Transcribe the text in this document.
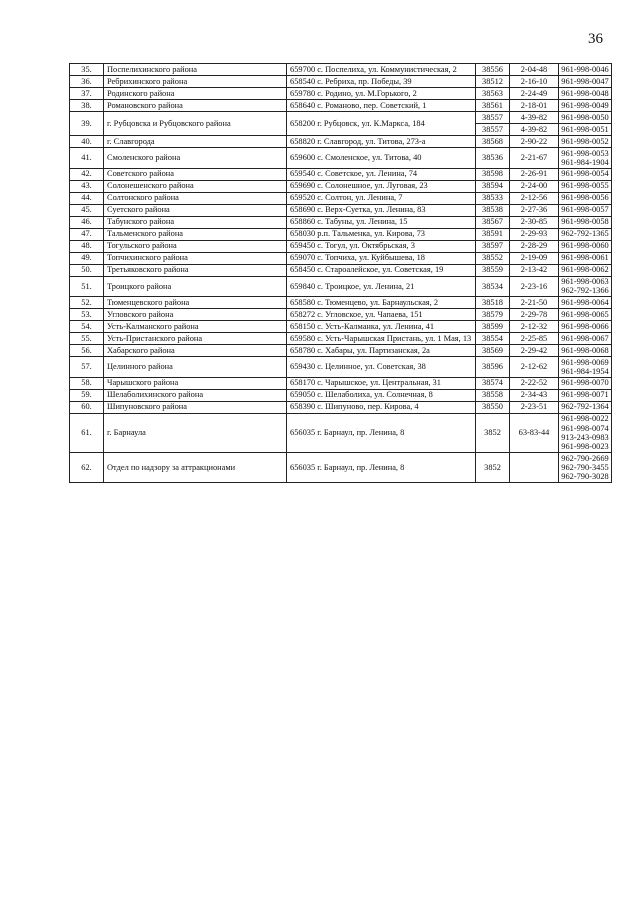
36
35.	Поспелихинского района	659700 с. Поспелиха, ул. Коммунистическая, 2	38556	2-04-48	961-998-0046

36.	Ребрихинского района	658540 с. Ребриха, пр. Победы, 39	38512	2-16-10	961-998-0047

37.	Родинского района	659780 с. Родино, ул. М.Горького, 2	38563	2-24-49	961-998-0048

38.	Романовского района	658640 с. Романово, пер. Советский, 1	38561	2-18-01	961-998-0049

39.	г. Рубцовска и Рубцовского района	658200 г. Рубцовск, ул. К.Маркса, 184	38557	4-39-82	961-998-0050

			38557	4-39-82	961-998-0051
40.	г. Славгорода	658820 г. Славгород, ул. Титова, 273-а	38568	2-90-22	961-998-0052

41.	Смоленского района	659600 с. Смоленское, ул. Титова, 40	38536	2-21-67	961-998-0053
961-984-1904

42.	Советского района	659540 с. Советское, ул. Ленина, 74	38598	2-26-91	961-998-0054

43.	Солонешенского района	659690 с. Солонешное, ул. Луговая, 23	38594	2-24-00	961-998-0055

44.	Солтонского района	659520 с. Солтон, ул. Ленина, 7	38533	2-12-56	961-998-0056

45.	Суетского района	658690 с. Верх-Суетка, ул. Ленина, 83	38538	2-27-36	961-998-0057

46.	Табунского района	658860 с. Табуны, ул. Ленина, 15	38567	2-30-85	961-998-0058

47.	Тальменского района	658030 р.п. Тальменка, ул. Кирова, 73	38591	2-29-93	962-792-1365

48.	Тогульского района	659450 с. Тогул, ул. Октябрьская, 3	38597	2-28-29	961-998-0060

49.	Топчихинского района	659070 с. Топчиха, ул. Куйбышева, 18	38552	2-19-09	961-998-0061

50.	Третьяковского района	658450 с. Староалейское, ул. Советская, 19	38559	2-13-42	961-998-0062

51.	Троицкого района	659840 с. Троицкое, ул. Ленина, 21	38534	2-23-16	961-998-0063
962-792-1366

52.	Тюменцевского района	658580 с. Тюменцево, ул. Барнаульская, 2	38518	2-21-50	961-998-0064

53.	Угловского района	658272 с. Угловское, ул. Чапаева, 151	38579	2-29-78	961-998-0065

54.	Усть-Калманского района	658150 с. Усть-Калманка, ул. Ленина, 41	38599	2-12-32	961-998-0066

55.	Усть-Пристанского района	659580 с. Усть-Чарышская Пристань, ул. 1 Мая, 13	38554	2-25-85	961-998-0067

56.	Хабарского района	658780 с. Хабары, ул. Партизанская, 2а	38569	2-29-42	961-998-0068

57.	Целинного района	659430 с. Целинное, ул. Советская, 38	38596	2-12-62	961-998-0069
961-984-1954

58.	Чарышского района	658170 с. Чарышское, ул. Центральная, 31	38574	2-22-52	961-998-0070

59.	Шелаболихинского района	659050 с. Шелаболиха, ул. Солнечная, 8	38558	2-34-43	961-998-0071

60.	Шипуновского района	658390 с. Шипуново, пер. Кирова, 4	38550	2-23-51	962-792-1364

61.	г. Барнаула	656035 г. Барнаул, пр. Ленина, 8	3852	63-83-44	961-998-0022
961-998-0074
913-243-0983
961-998-0023

62.	Отдел по надзору за аттракционами	656035 г. Барнаул, пр. Ленина, 8	3852		962-790-2669
962-790-3455
962-790-3028
